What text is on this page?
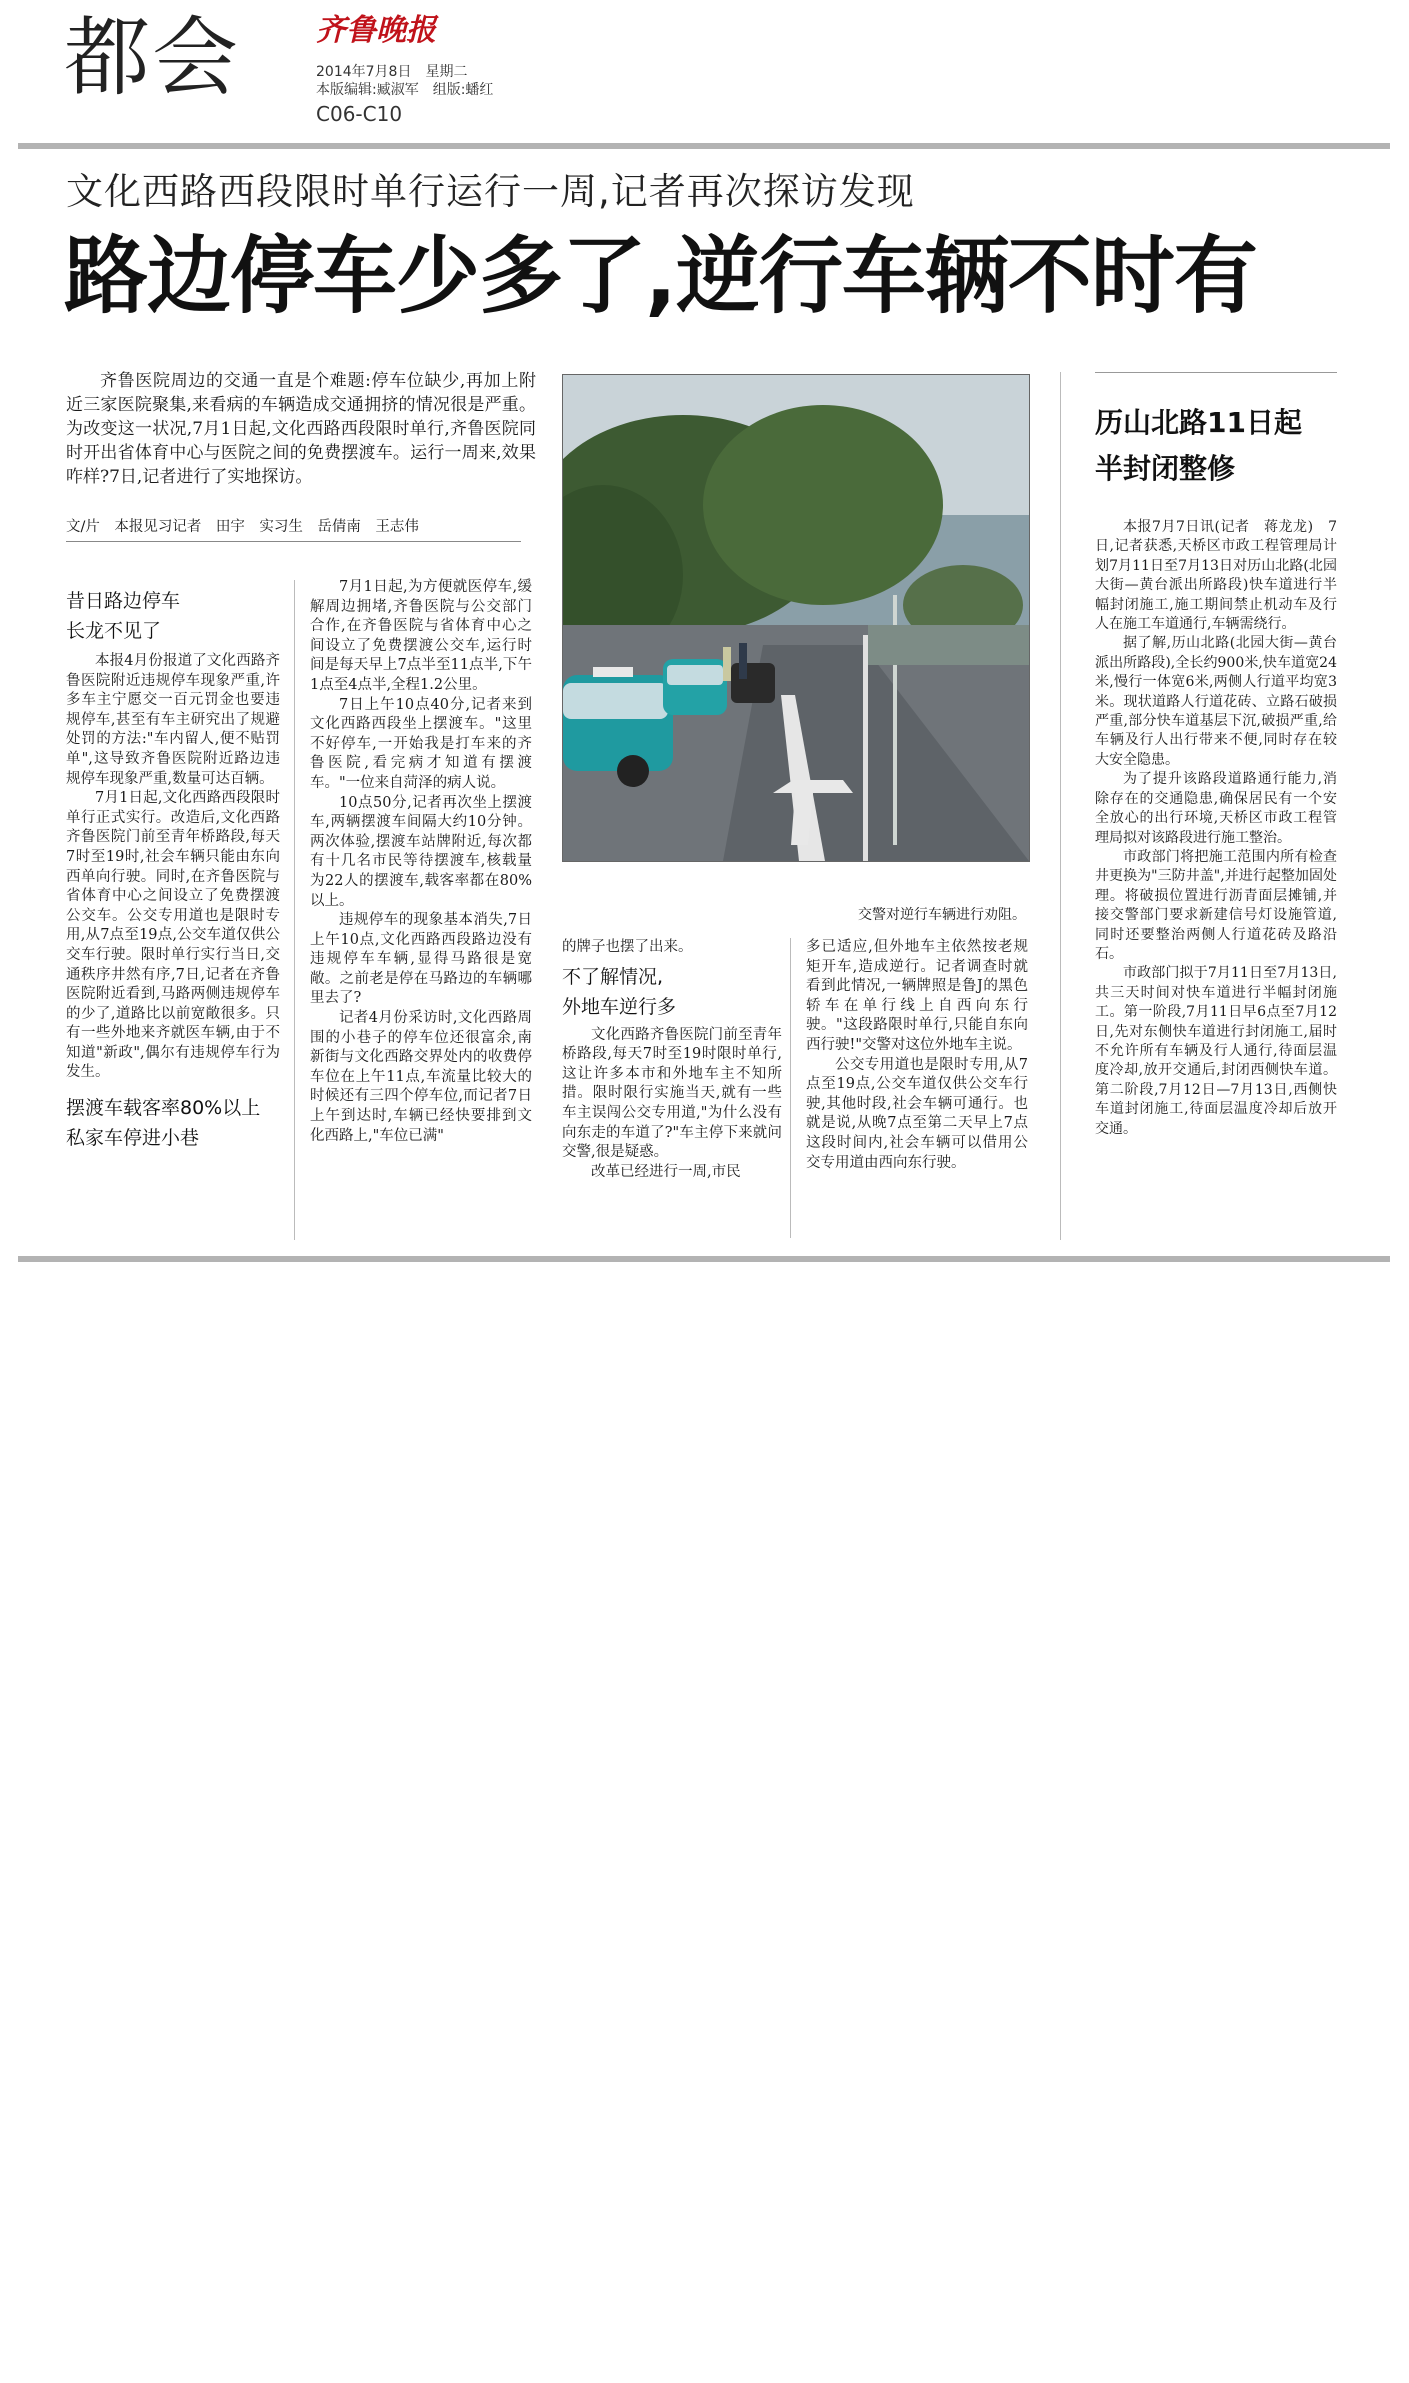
都会	齐鲁晚报
2014年7月8日　星期二
本版编辑:臧淑军　组版:蟠红
C06-C10
文化西路西段限时单行运行一周,记者再次探访发现
路边停车少多了,逆行车辆不时有
齐鲁医院周边的交通一直是个难题:停车位缺少,再加上附近三家医院聚集,来看病的车辆造成交通拥挤的情况很是严重。为改变这一状况,7月1日起,文化西路西段限时单行,齐鲁医院同时开出省体育中心与医院之间的免费摆渡车。运行一周来,效果咋样?7日,记者进行了实地探访。
文/片　本报见习记者　田宇　实习生　岳倩南　王志伟
昔日路边停车
长龙不见了

本报4月份报道了文化西路齐鲁医院附近违规停车现象严重,许多车主宁愿交一百元罚金也要违规停车,甚至有车主研究出了规避处罚的方法:"车内留人,便不贴罚单",这导致齐鲁医院附近路边违规停车现象严重,数量可达百辆。

7月1日起,文化西路西段限时单行正式实行。改造后,文化西路齐鲁医院门前至青年桥路段,每天7时至19时,社会车辆只能由东向西单向行驶。同时,在齐鲁医院与省体育中心之间设立了免费摆渡公交车。公交专用道也是限时专用,从7点至19点,公交车道仅供公交车行驶。限时单行实行当日,交通秩序井然有序,7日,记者在齐鲁医院附近看到,马路两侧违规停车的少了,道路比以前宽敞很多。只有一些外地来齐就医车辆,由于不知道"新政",偶尔有违规停车行为发生。

摆渡车载客率80%以上
私家车停进小巷

7月1日起,为方便就医停车,缓解周边拥堵,齐鲁医院与公交部门合作,在齐鲁医院与省体育中心之间设立了免费摆渡公交车,运行时间是每天早上7点半至11点半,下午1点至4点半,全程1.2公里。

7日上午10点40分,记者来到文化西路西段坐上摆渡车。"这里不好停车,一开始我是打车来的齐鲁医院,看完病才知道有摆渡车。"一位来自菏泽的病人说。

10点50分,记者再次坐上摆渡车,两辆摆渡车间隔大约10分钟。两次体验,摆渡车站牌附近,每次都有十几名市民等待摆渡车,核载量为22人的摆渡车,载客率都在80%以上。

违规停车的现象基本消失,7日上午10点,文化西路西段路边没有违规停车车辆,显得马路很是宽敞。之前老是停在马路边的车辆哪里去了?

记者4月份采访时,文化西路周围的小巷子的停车位还很富余,南新街与文化西路交界处内的收费停车位在上午11点,车流量比较大的时候还有三四个停车位,而记者7日上午到达时,车辆已经快要排到文化西路上,"车位已满"

交警对逆行车辆进行劝阻。

的牌子也摆了出来。

不了解情况,
外地车逆行多

文化西路齐鲁医院门前至青年桥路段,每天7时至19时限时单行,这让许多本市和外地车主不知所措。限时限行实施当天,就有一些车主误闯公交专用道,"为什么没有向东走的车道了?"车主停下来就问交警,很是疑惑。

改革已经进行一周,市民

多已适应,但外地车主依然按老规矩开车,造成逆行。记者调查时就看到此情况,一辆牌照是鲁J的黑色轿车在单行线上自西向东行驶。"这段路限时单行,只能自东向西行驶!"交警对这位外地车主说。

公交专用道也是限时专用,从7点至19点,公交车道仅供公交车行驶,其他时段,社会车辆可通行。也就是说,从晚7点至第二天早上7点这段时间内,社会车辆可以借用公交专用道由西向东行驶。

历山北路11日起
半封闭整修

本报7月7日讯(记者　蒋龙龙)　7日,记者获悉,天桥区市政工程管理局计划7月11日至7月13日对历山北路(北园大街—黄台派出所路段)快车道进行半幅封闭施工,施工期间禁止机动车及行人在施工车道通行,车辆需绕行。

据了解,历山北路(北园大街—黄台派出所路段),全长约900米,快车道宽24米,慢行一体宽6米,两侧人行道平均宽3米。现状道路人行道花砖、立路石破损严重,部分快车道基层下沉,破损严重,给车辆及行人出行带来不便,同时存在较大安全隐患。

为了提升该路段道路通行能力,消除存在的交通隐患,确保居民有一个安全放心的出行环境,天桥区市政工程管理局拟对该路段进行施工整治。

市政部门将把施工范围内所有检查井更换为"三防井盖",并进行起整加固处理。将破损位置进行沥青面层摊铺,并接交警部门要求新建信号灯设施管道,同时还要整治两侧人行道花砖及路沿石。

市政部门拟于7月11日至7月13日,共三天时间对快车道进行半幅封闭施工。第一阶段,7月11日早6点至7月12日,先对东侧快车道进行封闭施工,届时不允许所有车辆及行人通行,待面层温度冷却,放开交通后,封闭西侧快车道。第二阶段,7月12日—7月13日,西侧快车道封闭施工,待面层温度冷却后放开交通。
